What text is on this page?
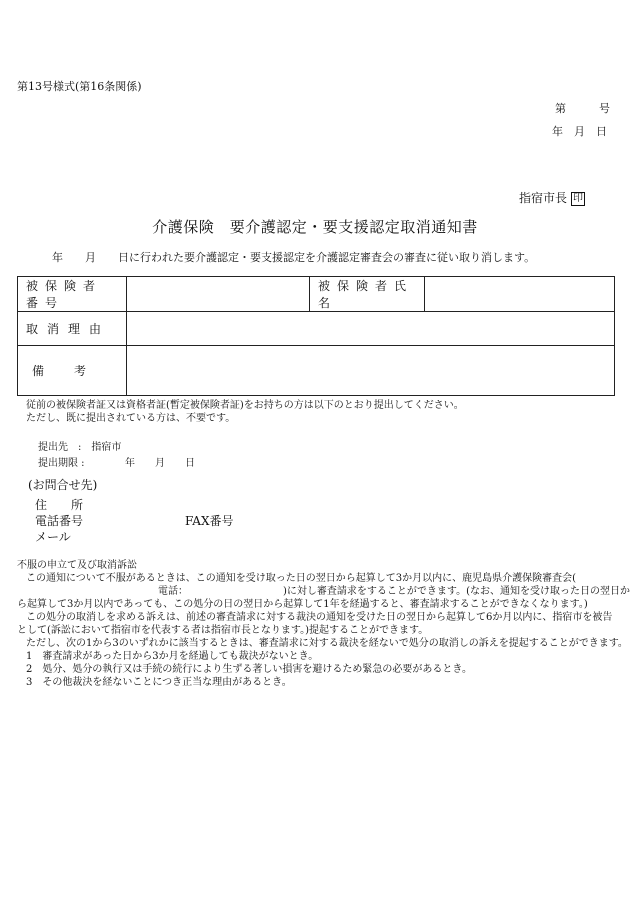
第13号様式(第16条関係)
第　　　号
年　月　日
指宿市長 印
介護保険　要介護認定・要支援認定取消通知書
年　　月　　日に行われた要介護認定・要支援認定を介護認定審査会の審査に従い取り消します。
被保険者番号		被保険者氏名	
取消理由			
備考			
従前の被保険者証又は資格者証(暫定被保険者証)をお持ちの方は以下のとおり提出してください。
ただし、既に提出されている方は、不要です。
提出先　:　指宿市
提出期限 :	年　　月　　日
(お問合せ先)
住　　所
電話番号	FAX番号
メール
不服の申立て及び取消訴訟
この通知について不服があるときは、この通知を受け取った日の翌日から起算して3か月以内に、鹿児島県介護保険審査会(
電話：　　　　　　　　　　)に対し審査請求をすることができます。(なお、通知を受け取った日の翌日か
ら起算して3か月以内であっても、この処分の日の翌日から起算して1年を経過すると、審査請求することができなくなります。)
この処分の取消しを求める訴えは、前述の審査請求に対する裁決の通知を受けた日の翌日から起算して6か月以内に、指宿市を被告
として(訴訟において指宿市を代表する者は指宿市長となります。)提起することができます。
ただし、次の1から3のいずれかに該当するときは、審査請求に対する裁決を経ないで処分の取消しの訴えを提起することができます。
1　審査請求があった日から3か月を経過しても裁決がないとき。
2　処分、処分の執行又は手続の続行により生ずる著しい損害を避けるため緊急の必要があるとき。
3　その他裁決を経ないことにつき正当な理由があるとき。
